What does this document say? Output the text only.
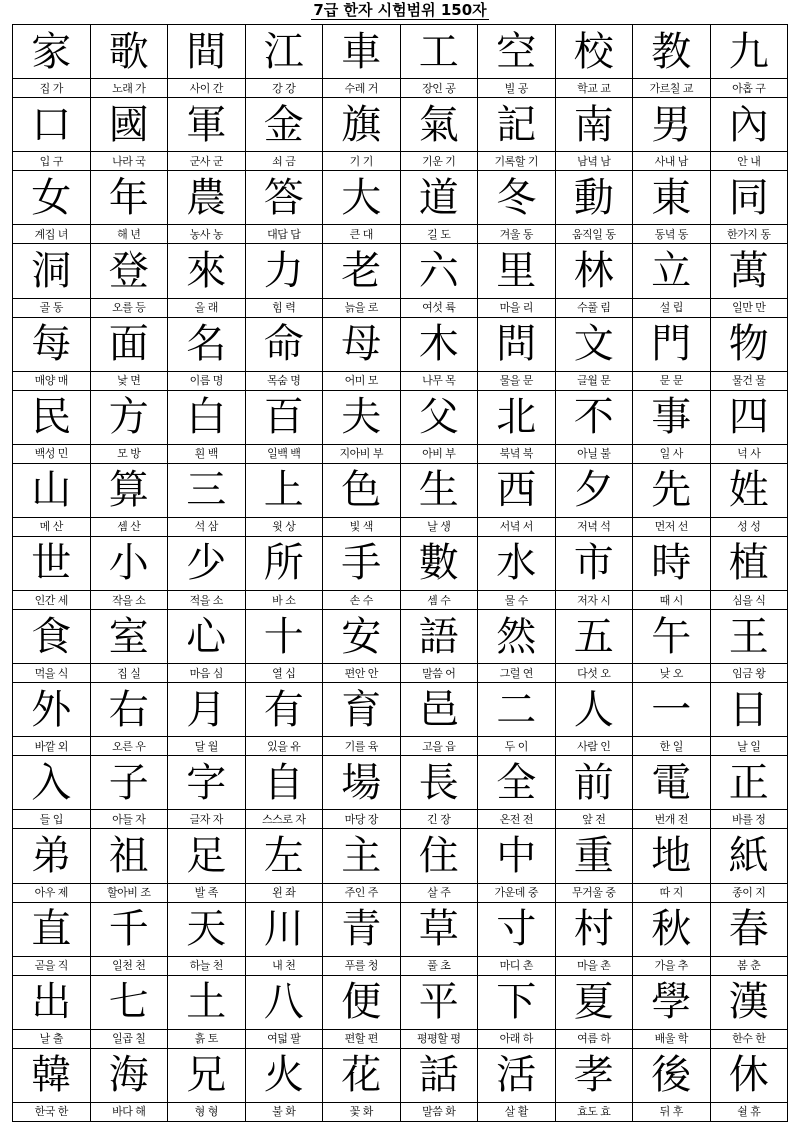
7급 한자 시험범위 150자
家
집 가
歌
노래 가
間
사이 간
江
강 강
車
수레 거
工
장인 공
空
빌 공
校
학교 교
教
가르칠 교
九
아홉 구
口
입 구
國
나라 국
軍
군사 군
金
쇠 금
旗
기 기
氣
기운 기
記
기록할 기
南
남녘 남
男
사내 남
內
안 내
女
계집 녀
年
해 년
農
농사 농
答
대답 답
大
큰 대
道
길 도
冬
겨울 동
動
움직일 동
東
동녘 동
同
한가지 동
洞
골 동
登
오를 등
來
올 래
力
힘 력
老
늙을 로
六
여섯 륙
里
마을 리
林
수풀 림
立
설 립
萬
일만 만
每
매양 매
面
낯 면
名
이름 명
命
목숨 명
母
어미 모
木
나무 목
問
물을 문
文
글월 문
門
문 문
物
물건 물
民
백성 민
方
모 방
白
흰 백
百
일백 백
夫
지아비 부
父
아비 부
北
북녘 북
不
아닐 불
事
일 사
四
넉 사
山
메 산
算
셈 산
三
석 삼
上
윗 상
色
빛 색
生
날 생
西
서녘 서
夕
저녁 석
先
먼저 선
姓
성 성
世
인간 세
小
작을 소
少
적을 소
所
바 소
手
손 수
數
셈 수
水
물 수
市
저자 시
時
때 시
植
심을 식
食
먹을 식
室
집 실
心
마음 심
十
열 십
安
편안 안
語
말씀 어
然
그럴 연
五
다섯 오
午
낮 오
王
임금 왕
外
바깥 외
右
오른 우
月
달 월
有
있을 유
育
기를 육
邑
고을 읍
二
두 이
人
사람 인
一
한 일
日
날 일
入
들 입
子
아들 자
字
글자 자
自
스스로 자
場
마당 장
長
긴 장
全
온전 전
前
앞 전
電
번개 전
正
바를 정
弟
아우 제
祖
할아비 조
足
발 족
左
왼 좌
主
주인 주
住
살 주
中
가운데 중
重
무거울 중
地
따 지
紙
종이 지
直
곧을 직
千
일천 천
天
하늘 천
川
내 천
青
푸를 청
草
풀 초
寸
마디 촌
村
마을 촌
秋
가을 추
春
봄 춘
出
날 출
七
일곱 칠
土
흙 토
八
여덟 팔
便
편할 편
平
평평할 평
下
아래 하
夏
여름 하
學
배울 학
漢
한수 한
韓
한국 한
海
바다 해
兄
형 형
火
불 화
花
꽃 화
話
말씀 화
活
살 활
孝
효도 효
後
뒤 후
休
쉴 휴
